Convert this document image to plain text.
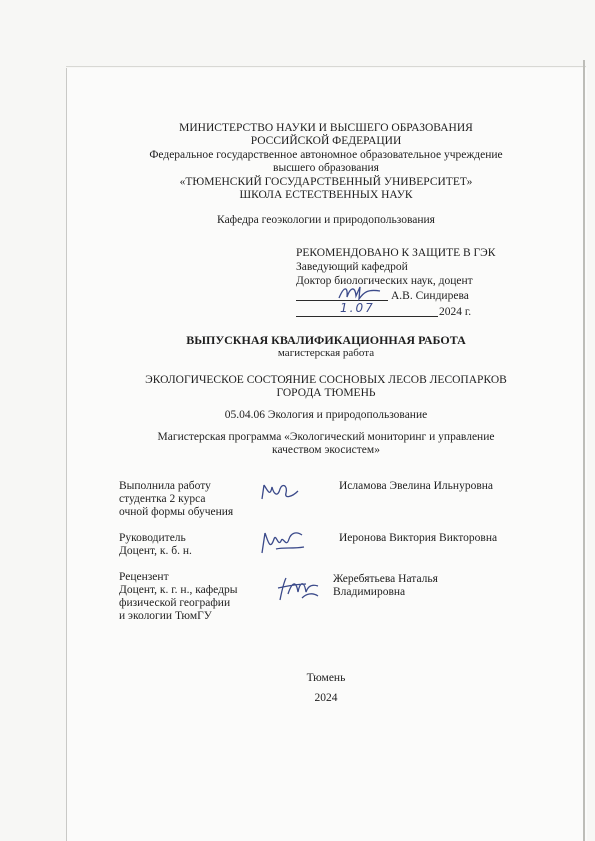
МИНИСТЕРСТВО НАУКИ И ВЫСШЕГО ОБРАЗОВАНИЯ
РОССИЙСКОЙ ФЕДЕРАЦИИ
Федеральное государственное автономное образовательное учреждение
высшего образования
«ТЮМЕНСКИЙ ГОСУДАРСТВЕННЫЙ УНИВЕРСИТЕТ»
ШКОЛА ЕСТЕСТВЕННЫХ НАУК
Кафедра геоэкологии и природопользования
РЕКОМЕНДОВАНО К ЗАЩИТЕ В ГЭК
Заведующий кафедрой
Доктор биологических наук, доцент
А.В. Синдирева
1.07	2024 г.
ВЫПУСКНАЯ КВАЛИФИКАЦИОННАЯ РАБОТА
магистерская работа
ЭКОЛОГИЧЕСКОЕ СОСТОЯНИЕ СОСНОВЫХ ЛЕСОВ ЛЕСОПАРКОВ
ГОРОДА ТЮМЕНЬ
05.04.06 Экология и природопользование
Магистерская программа «Экологический мониторинг и управление
качеством экосистем»
Выполнила работу
студентка 2 курса
очной формы обучения
Исламова Эвелина Ильнуровна
Руководитель
Доцент, к. б. н.
Иеронова Виктория Викторовна
Рецензент
Доцент, к. г. н., кафедры
физической географии
и экологии ТюмГУ
Жеребятьева Наталья
Владимировна
Тюмень
2024
